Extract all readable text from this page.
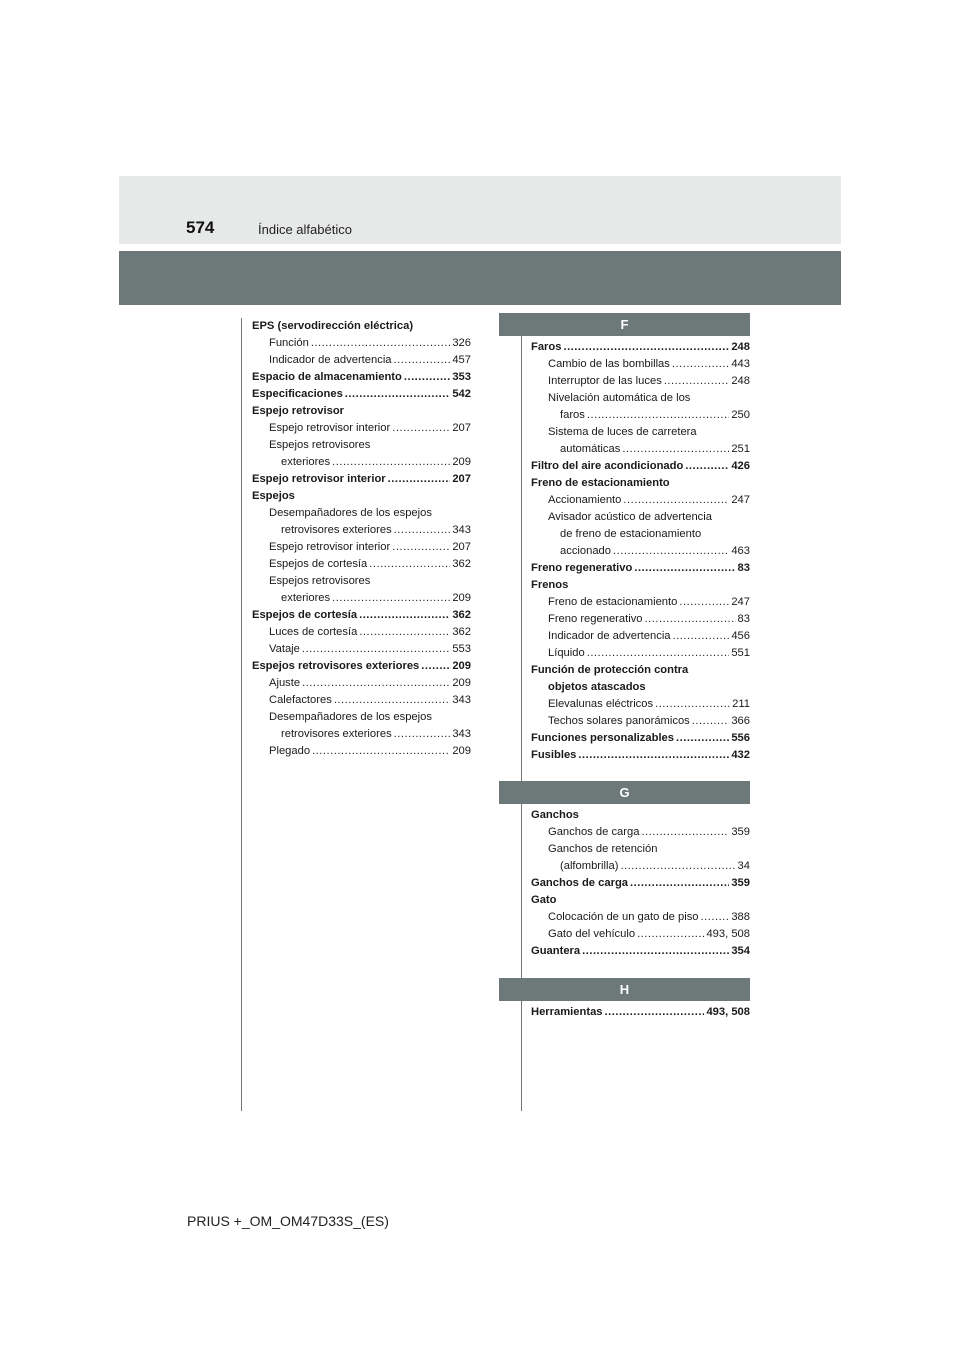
574	Índice alfabético
EPS (servodirección eléctrica)
Función .....	326
Indicador de advertencia .....	457
Espacio de almacenamiento .....	353
Especificaciones .....	542
Espejo retrovisor
Espejo retrovisor interior .....	207
Espejos retrovisores
exteriores .....	209
Espejo retrovisor interior .....	207
Espejos
Desempañadores de los espejos
retrovisores exteriores .....	343
Espejo retrovisor interior .....	207
Espejos de cortesía .....	362
Espejos retrovisores
exteriores .....	209
Espejos de cortesía .....	362
Luces de cortesía .....	362
Vataje .....	553
Espejos retrovisores exteriores .....	209
Ajuste .....	209
Calefactores .....	343
Desempañadores de los espejos
retrovisores exteriores .....	343
Plegado .....	209
F
Faros .....	248
Cambio de las bombillas .....	443
Interruptor de las luces .....	248
Nivelación automática de los
faros .....	250
Sistema de luces de carretera
automáticas .....	251
Filtro del aire acondicionado .....	426
Freno de estacionamiento
Accionamiento .....	247
Avisador acústico de advertencia
de freno de estacionamiento
accionado .....	463
Freno regenerativo .....	83
Frenos
Freno de estacionamiento .....	247
Freno regenerativo .....	83
Indicador de advertencia .....	456
Líquido .....	551
Función de protección contra
objetos atascados
Elevalunas eléctricos .....	211
Techos solares panorámicos .....	366
Funciones personalizables .....	556
Fusibles .....	432
G
Ganchos
Ganchos de carga .....	359
Ganchos de retención
(alfombrilla) .....	34
Ganchos de carga .....	359
Gato
Colocación de un gato de piso .....	388
Gato del vehículo .....	493, 508
Guantera .....	354
H
Herramientas .....	493, 508
PRIUS +_OM_OM47D33S_(ES)
